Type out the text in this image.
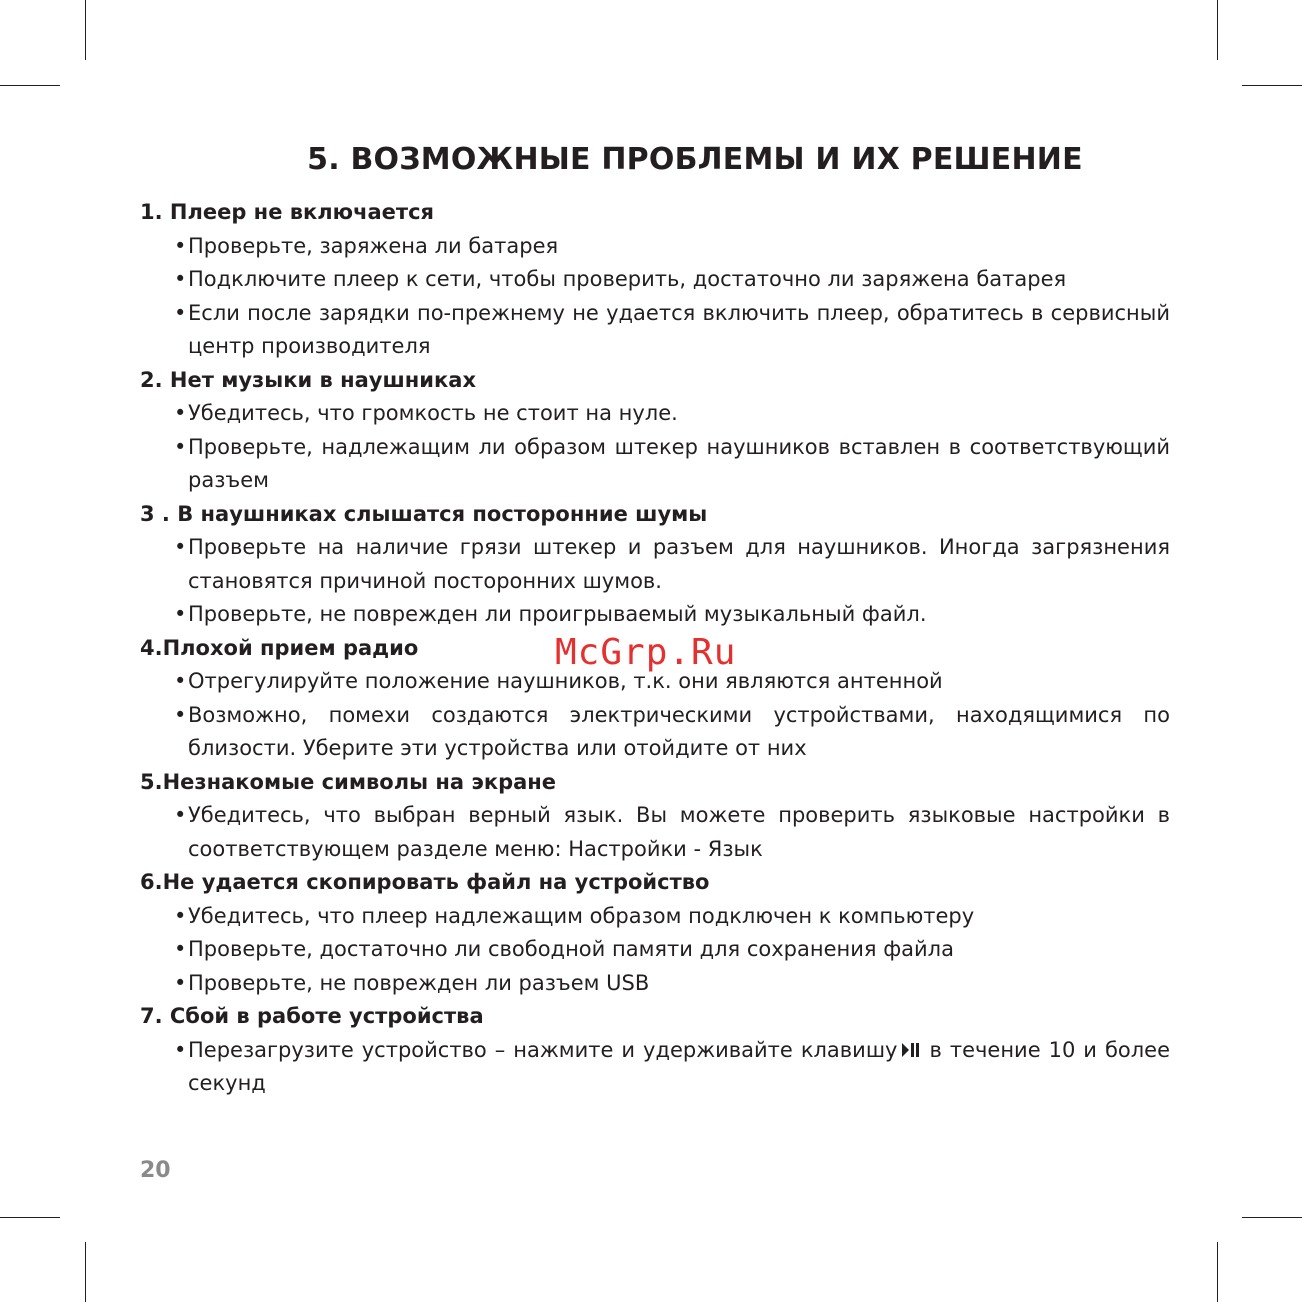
5. ВОЗМОЖНЫЕ ПРОБЛЕМЫ И ИХ РЕШЕНИЕ
1. Плеер не включается
• Проверьте, заряжена ли батарея
• Подключите плеер к сети, чтобы проверить, достаточно ли заряжена батарея
• Если после зарядки по-прежнему не удается включить плеер, обратитесь в сервисный центр производителя
2. Нет музыки в наушниках
• Убедитесь, что громкость не стоит на нуле.
• Проверьте, надлежащим ли образом штекер наушников вставлен в соответствующий разъем
3 . В наушниках слышатся посторонние шумы
• Проверьте на наличие грязи штекер и разъем для наушников. Иногда загрязнения становятся причиной посторонних шумов.
• Проверьте, не поврежден ли проигрываемый музыкальный файл.
4.Плохой прием радио
• Отрегулируйте положение наушников, т.к. они являются антенной
• Возможно, помехи создаются электрическими устройствами, находящимися по близости. Уберите эти устройства или отойдите от них
5.Незнакомые символы на экране
• Убедитесь, что выбран верный язык. Вы можете проверить языковые настройки в соответствующем разделе меню: Настройки - Язык
6.Не удается скопировать файл на устройство
• Убедитесь, что плеер надлежащим образом подключен к компьютеру
• Проверьте, достаточно ли свободной памяти для сохранения файла
• Проверьте, не поврежден ли разъем USB
7. Сбой в работе устройства
• Перезагрузите устройство – нажмите и удерживайте клавишу в течение 10 и более секунд
McGrp.Ru
20
